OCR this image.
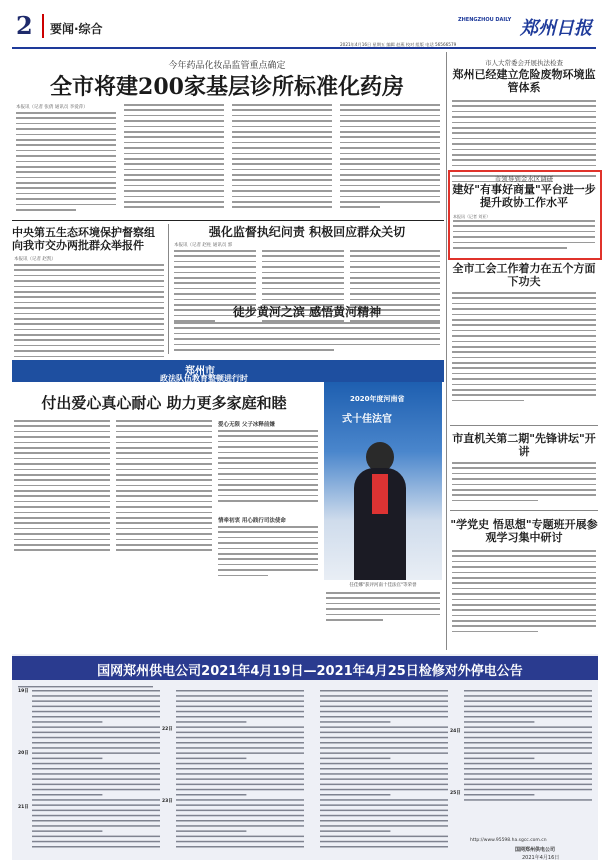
2 要闻·综合
ZHENGZHOU DAILY 郑州日报
2021年4月16日 星期五 编辑 赵燕 校对 组版 电话 56566579
今年药品化妆品监管重点确定
全市将建200家基层诊所标准化药房
本报讯（记者 张倩 通讯员 李爱萍）
市人大常委会开展执法检查
郑州已经建立危险废物环境监管体系
市领导到金水区调研
建好"有事好商量"平台进一步提升政协工作水平
本报讯（记者 刘亚）
全市工会工作着力在五个方面下功夫
市直机关第二期"先锋讲坛"开讲
"学党史 悟思想"专题班开展参观学习集中研讨
中央第五生态环境保护督察组向我市交办两批群众举报件
本报讯（记者 赵凯）
强化监督执纪问责 积极回应群众关切
本报讯（记者 赵柱 通讯员 郭
徒步黄河之滨 感悟黄河精神
郑州市
政法队伍教育整顿进行时
付出爱心真心耐心 助力更多家庭和睦
爱心无限 父子冰释前嫌
情牵初衷 用心践行司法使命
2020年度河南省
式十佳法官
任佳娜"获评河南十佳法官"等荣誉
国网郑州供电公司2021年4月19日—2021年4月25日检修对外停电公告
19日
20日
21日
22日
23日
24日
25日
http://www.95598.ha.sgcc.com.cn
国网郑州供电公司
2021年4月16日
